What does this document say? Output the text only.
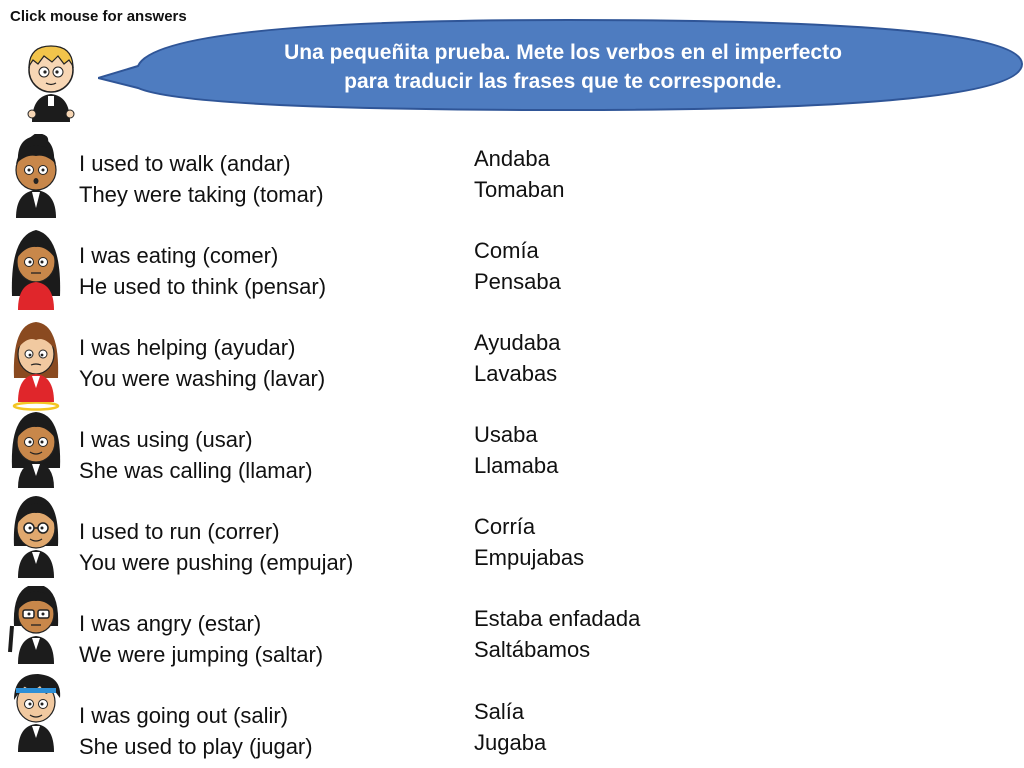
Click mouse for answers
Una pequeñita prueba. Mete los verbos en el imperfecto
para traducir las frases que te corresponde.
I used to walk (andar)
They were taking (tomar)
Andaba
Tomaban
I was eating (comer)
He used to think (pensar)
Comía
Pensaba
I was helping (ayudar)
You were washing (lavar)
Ayudaba
Lavabas
I was using (usar)
She was calling (llamar)
Usaba
Llamaba
I used to run (correr)
You were pushing (empujar)
Corría
Empujabas
I was angry (estar)
We were jumping (saltar)
Estaba enfadada
Saltábamos
I was going out (salir)
She used to play (jugar)
Salía
Jugaba
